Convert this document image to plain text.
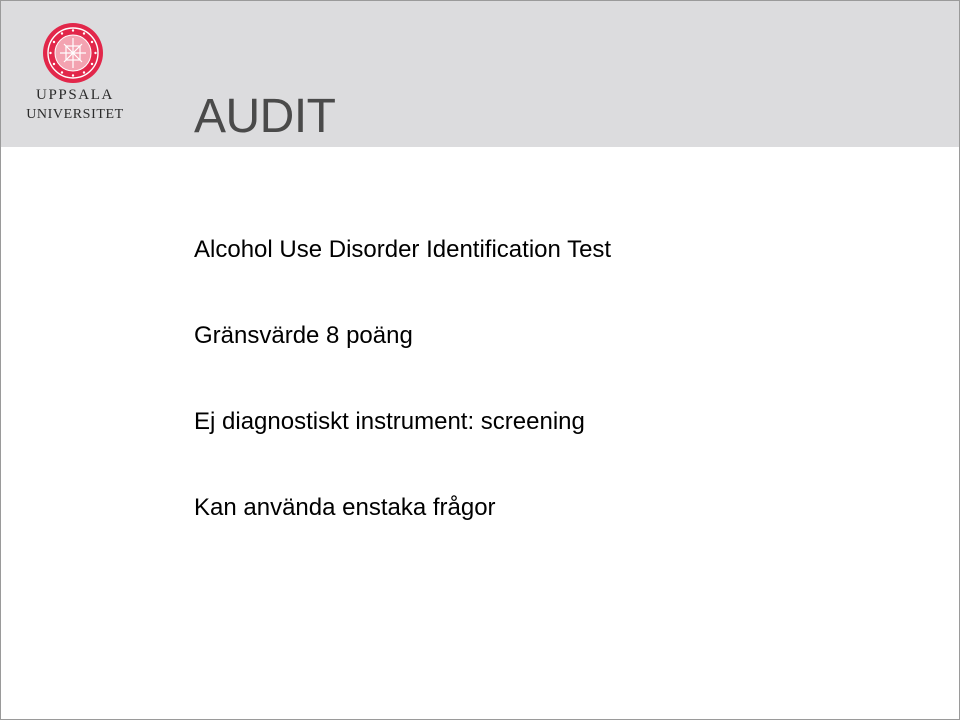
UPPSALA
UNIVERSITET AUDIT
Alcohol Use Disorder Identification Test
Gränsvärde 8 poäng
Ej diagnostiskt instrument: screening
Kan använda enstaka frågor
